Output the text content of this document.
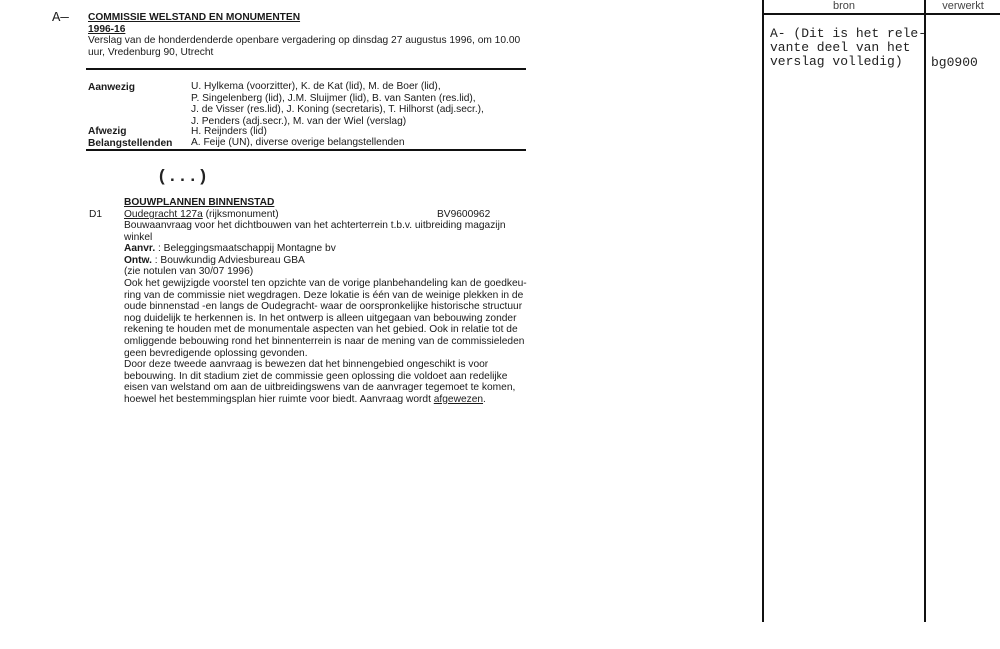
A— COMMISSIE WELSTAND EN MONUMENTEN
1996-16
Verslag van de honderdenderde openbare vergadering op dinsdag 27 augustus 1996, om 10.00
uur, Vredenburg 90, Utrecht
Aanwezig	U. Hylkema (voorzitter), K. de Kat (lid), M. de Boer (lid),
P. Singelenberg (lid), J.M. Sluijmer (lid), B. van Santen (res.lid),
J. de Visser (res.lid), J. Koning (secretaris), T. Hilhorst (adj.secr.),
J. Penders (adj.secr.), M. van der Wiel (verslag)
Afwezig	H. Reijnders (lid)
Belangstellenden A. Feije (UN), diverse overige belangstellenden
(...)
BOUWPLANNEN BINNENSTAD
D1 Oudegracht 127a (rijksmonument)	BV9600962
Bouwaanvraag voor het dichtbouwen van het achterterrein t.b.v. uitbreiding magazijn
winkel
Aanvr. : Beleggingsmaatschappij Montagne bv
Ontw. : Bouwkundig Adviesbureau GBA
(zie notulen van 30/07 1996)
Ook het gewijzigde voorstel ten opzichte van de vorige planbehandeling kan de goedkeu-
ring van de commissie niet wegdragen. Deze lokatie is één van de weinige plekken in de
oude binnenstad -en langs de Oudegracht- waar de oorspronkelijke historische structuur
nog duidelijk te herkennen is. In het ontwerp is alleen uitgegaan van bebouwing zonder
rekening te houden met de monumentale aspecten van het gebied. Ook in relatie tot de
omliggende bebouwing rond het binnenterrein is naar de mening van de commissieleden
geen bevredigende oplossing gevonden.
Door deze tweede aanvraag is bewezen dat het binnengebied ongeschikt is voor
bebouwing. In dit stadium ziet de commissie geen oplossing die voldoet aan redelijke
eisen van welstand om aan de uitbreidingswens van de aanvrager tegemoet te komen,
hoewel het bestemmingsplan hier ruimte voor biedt. Aanvraag wordt afgewezen.
bron	verwerkt
A- (Dit is het rele-
vante deel van het
verslag volledig)	bg0900
